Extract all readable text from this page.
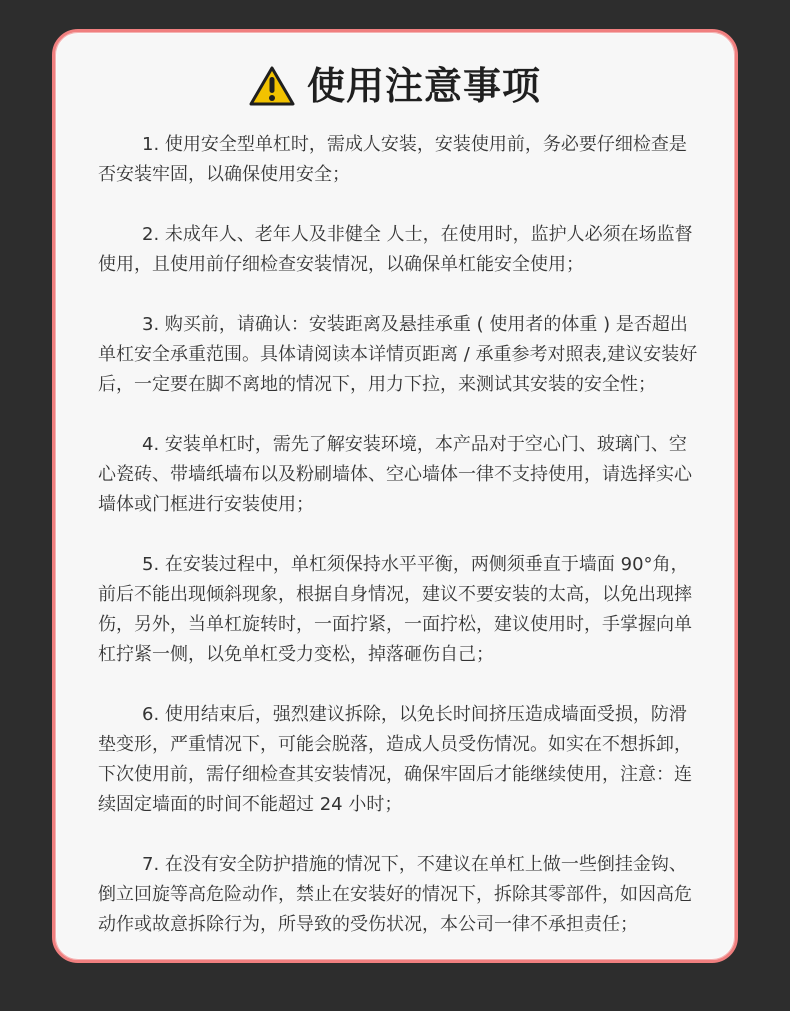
使用注意事项

1. 使用安全型单杠时，需成人安装，安装使用前，务必要仔细检查是否安装牢固，以确保使用安全；

2. 未成年人、老年人及非健全 人士，在使用时，监护人必须在场监督使用，且使用前仔细检查安装情况，以确保单杠能安全使用；

3. 购买前，请确认：安装距离及悬挂承重 ( 使用者的体重 ) 是否超出单杠安全承重范围。具体请阅读本详情页距离 / 承重参考对照表,建议安装好后，一定要在脚不离地的情况下，用力下拉，来测试其安装的安全性；

4. 安装单杠时，需先了解安装环境，本产品对于空心门、玻璃门、空心瓷砖、带墙纸墙布以及粉刷墙体、空心墙体一律不支持使用，请选择实心墙体或门框进行安装使用；

5. 在安装过程中，单杠须保持水平平衡，两侧须垂直于墙面 90°角，前后不能出现倾斜现象，根据自身情况，建议不要安装的太高，以免出现摔伤，另外，当单杠旋转时，一面拧紧，一面拧松，建议使用时，手掌握向单杠拧紧一侧，以免单杠受力变松，掉落砸伤自己；

6. 使用结束后，强烈建议拆除，以免长时间挤压造成墙面受损，防滑垫变形，严重情况下，可能会脱落，造成人员受伤情况。如实在不想拆卸，下次使用前，需仔细检查其安装情况，确保牢固后才能继续使用，注意：连续固定墙面的时间不能超过 24 小时；

7. 在没有安全防护措施的情况下，不建议在单杠上做一些倒挂金钩、倒立回旋等高危险动作，禁止在安装好的情况下，拆除其零部件，如因高危动作或故意拆除行为，所导致的受伤状况，本公司一律不承担责任；
